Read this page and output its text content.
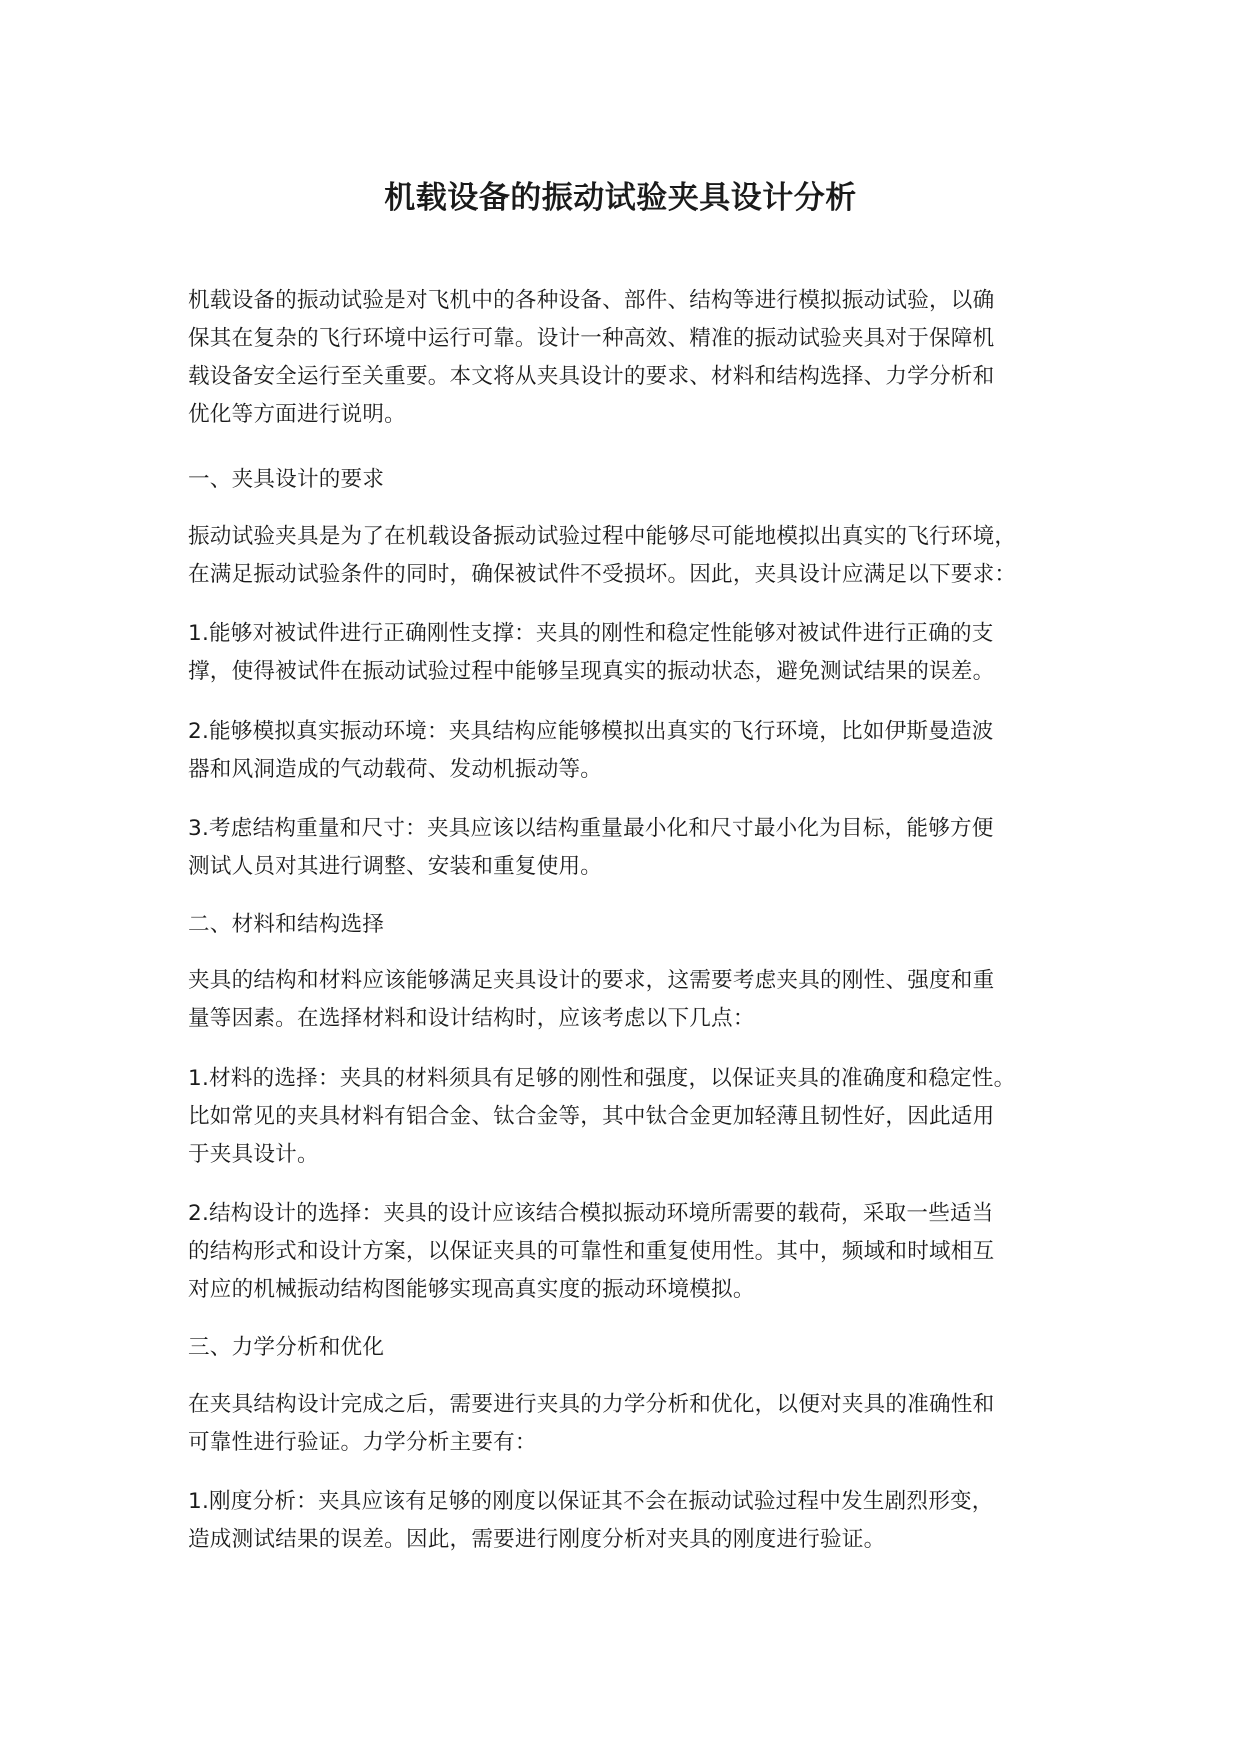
机载设备的振动试验夹具设计分析
机载设备的振动试验是对飞机中的各种设备、部件、结构等进行模拟振动试验，以确
保其在复杂的飞行环境中运行可靠。设计一种高效、精准的振动试验夹具对于保障机
载设备安全运行至关重要。本文将从夹具设计的要求、材料和结构选择、力学分析和
优化等方面进行说明。
一、夹具设计的要求
振动试验夹具是为了在机载设备振动试验过程中能够尽可能地模拟出真实的飞行环境，
在满足振动试验条件的同时，确保被试件不受损坏。因此，夹具设计应满足以下要求：
1.能够对被试件进行正确刚性支撑：夹具的刚性和稳定性能够对被试件进行正确的支
撑，使得被试件在振动试验过程中能够呈现真实的振动状态，避免测试结果的误差。
2.能够模拟真实振动环境：夹具结构应能够模拟出真实的飞行环境，比如伊斯曼造波
器和风洞造成的气动载荷、发动机振动等。
3.考虑结构重量和尺寸：夹具应该以结构重量最小化和尺寸最小化为目标，能够方便
测试人员对其进行调整、安装和重复使用。
二、材料和结构选择
夹具的结构和材料应该能够满足夹具设计的要求，这需要考虑夹具的刚性、强度和重
量等因素。在选择材料和设计结构时，应该考虑以下几点：
1.材料的选择：夹具的材料须具有足够的刚性和强度，以保证夹具的准确度和稳定性。
比如常见的夹具材料有铝合金、钛合金等，其中钛合金更加轻薄且韧性好，因此适用
于夹具设计。
2.结构设计的选择：夹具的设计应该结合模拟振动环境所需要的载荷，采取一些适当
的结构形式和设计方案，以保证夹具的可靠性和重复使用性。其中，频域和时域相互
对应的机械振动结构图能够实现高真实度的振动环境模拟。
三、力学分析和优化
在夹具结构设计完成之后，需要进行夹具的力学分析和优化，以便对夹具的准确性和
可靠性进行验证。力学分析主要有：
1.刚度分析：夹具应该有足够的刚度以保证其不会在振动试验过程中发生剧烈形变，
造成测试结果的误差。因此，需要进行刚度分析对夹具的刚度进行验证。
